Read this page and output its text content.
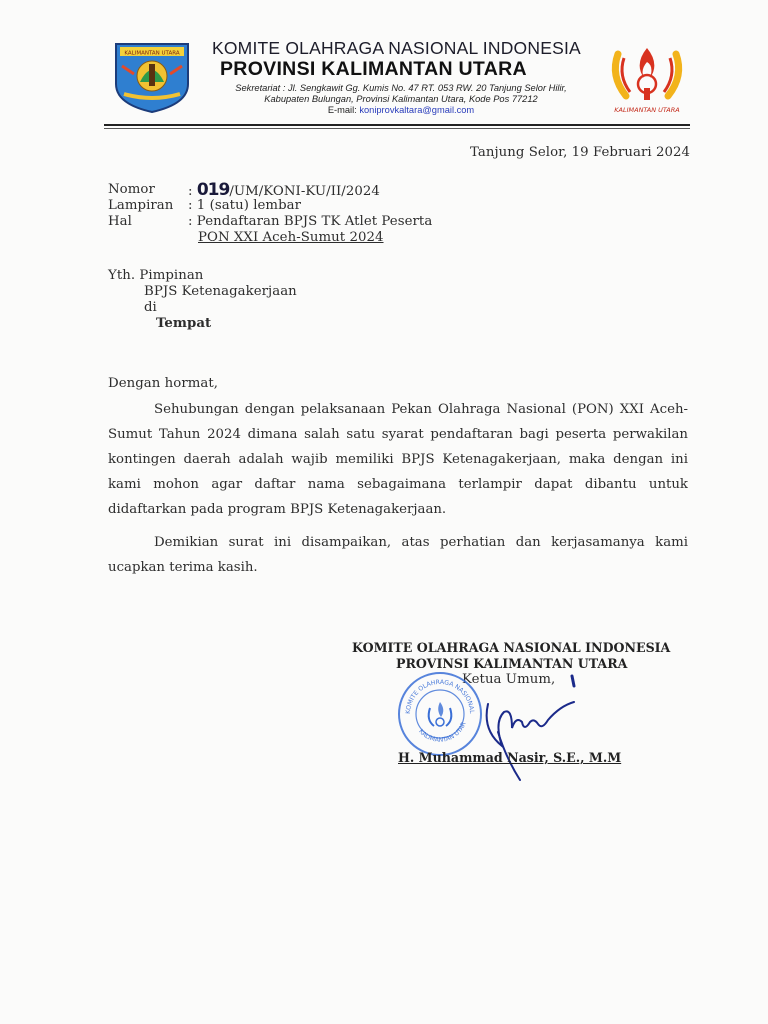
KALIMANTAN UTARA KOMITE OLAHRAGA NASIONAL INDONESIA
PROVINSI KALIMANTAN UTARA
Sekretariat : Jl. Sengkawit Gg. Kumis No. 47 RT. 053 RW. 20 Tanjung Selor Hilir,
Kabupaten Bulungan, Provinsi Kalimantan Utara, Kode Pos 77212
E-mail: koniprovkaltara@gmail.com	KALIMANTAN UTARA
Tanjung Selor, 19 Februari 2024
Nomor : 019/UM/KONI-KU/II/2024
Lampiran : 1 (satu) lembar
Hal	: Pendaftaran BPJS TK Atlet Peserta
PON XXI Aceh-Sumut 2024
Yth. Pimpinan
BPJS Ketenagakerjaan
di
Tempat
Dengan hormat,
Sehubungan dengan pelaksanaan Pekan Olahraga Nasional (PON) XXI Aceh-
Sumut Tahun 2024 dimana salah satu syarat pendaftaran bagi peserta perwakilan
kontingen daerah adalah wajib memiliki BPJS Ketenagakerjaan, maka dengan ini
kami mohon agar daftar nama sebagaimana terlampir dapat dibantu untuk
didaftarkan pada program BPJS Ketenagakerjaan.
Demikian surat ini disampaikan, atas perhatian dan kerjasamanya kami
ucapkan terima kasih.
KOMITE OLAHRAGA NASIONAL INDONESIA
PROVINSI KALIMANTAN UTARA
Ketua Umum,
KOMITE OLAHRAGA NASIONAL
KALIMANTAN UTAR
H. Muhammad Nasir, S.E., M.M
